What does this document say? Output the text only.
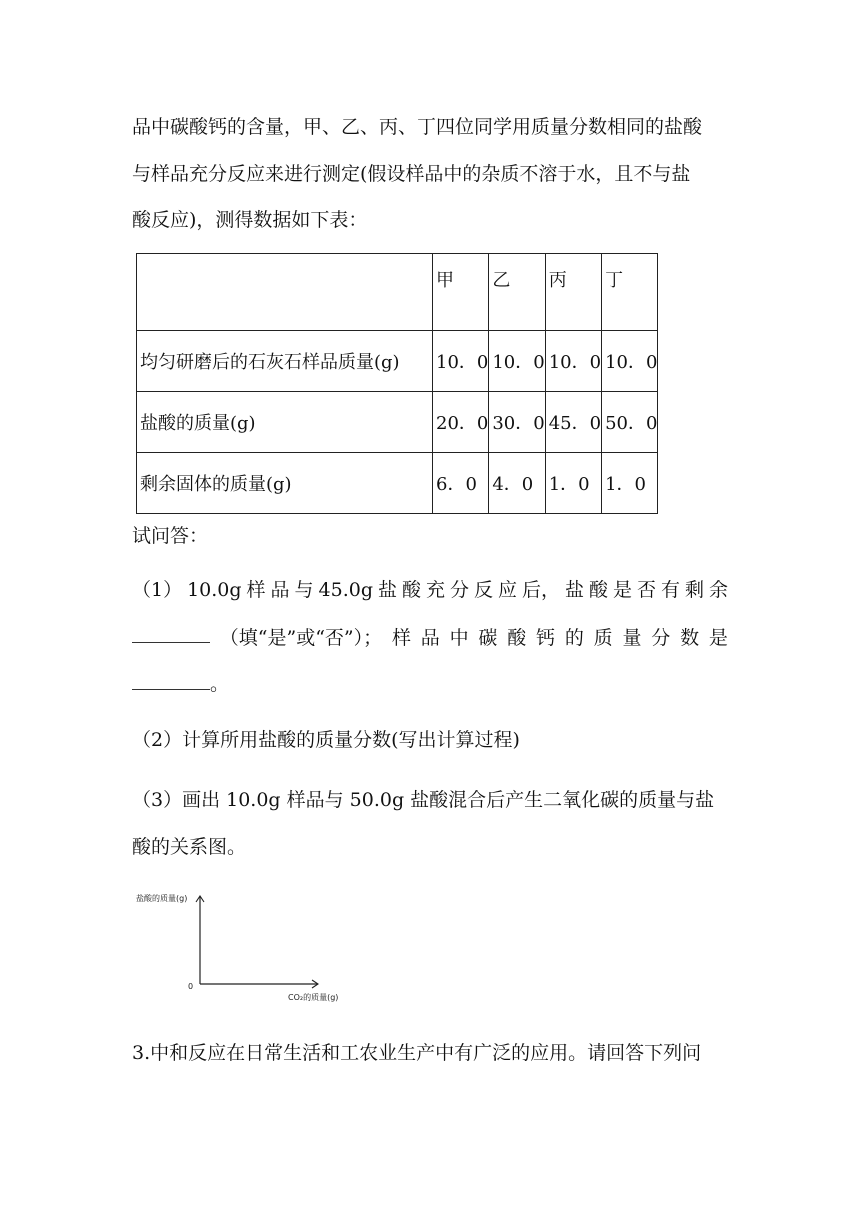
品中碳酸钙的含量，甲、乙、丙、丁四位同学用质量分数相同的盐酸
与样品充分反应来进行测定(假设样品中的杂质不溶于水，且不与盐
酸反应)，测得数据如下表：
	甲	乙	丙	丁
均匀研磨后的石灰石样品质量(g)	10．0	10．0	10．0	10．0
盐酸的质量(g)	20．0	30．0	45．0	50．0
剩余固体的质量(g)	6．0	4．0	1．0	1．0
试问答：
（1） 10.0g 样 品 与 45.0g 盐 酸 充 分 反 应 后， 盐 酸 是 否 有 剩 余
（填“是”或“否”）； 样 品 中 碳 酸 钙 的 质 量 分 数 是
。
（2）计算所用盐酸的质量分数(写出计算过程)
（3）画出 10.0g 样品与 50.0g 盐酸混合后产生二氧化碳的质量与盐
酸的关系图。
盐酸的质量(g)
0
CO₂的质量(g)
3.中和反应在日常生活和工农业生产中有广泛的应用。请回答下列问
